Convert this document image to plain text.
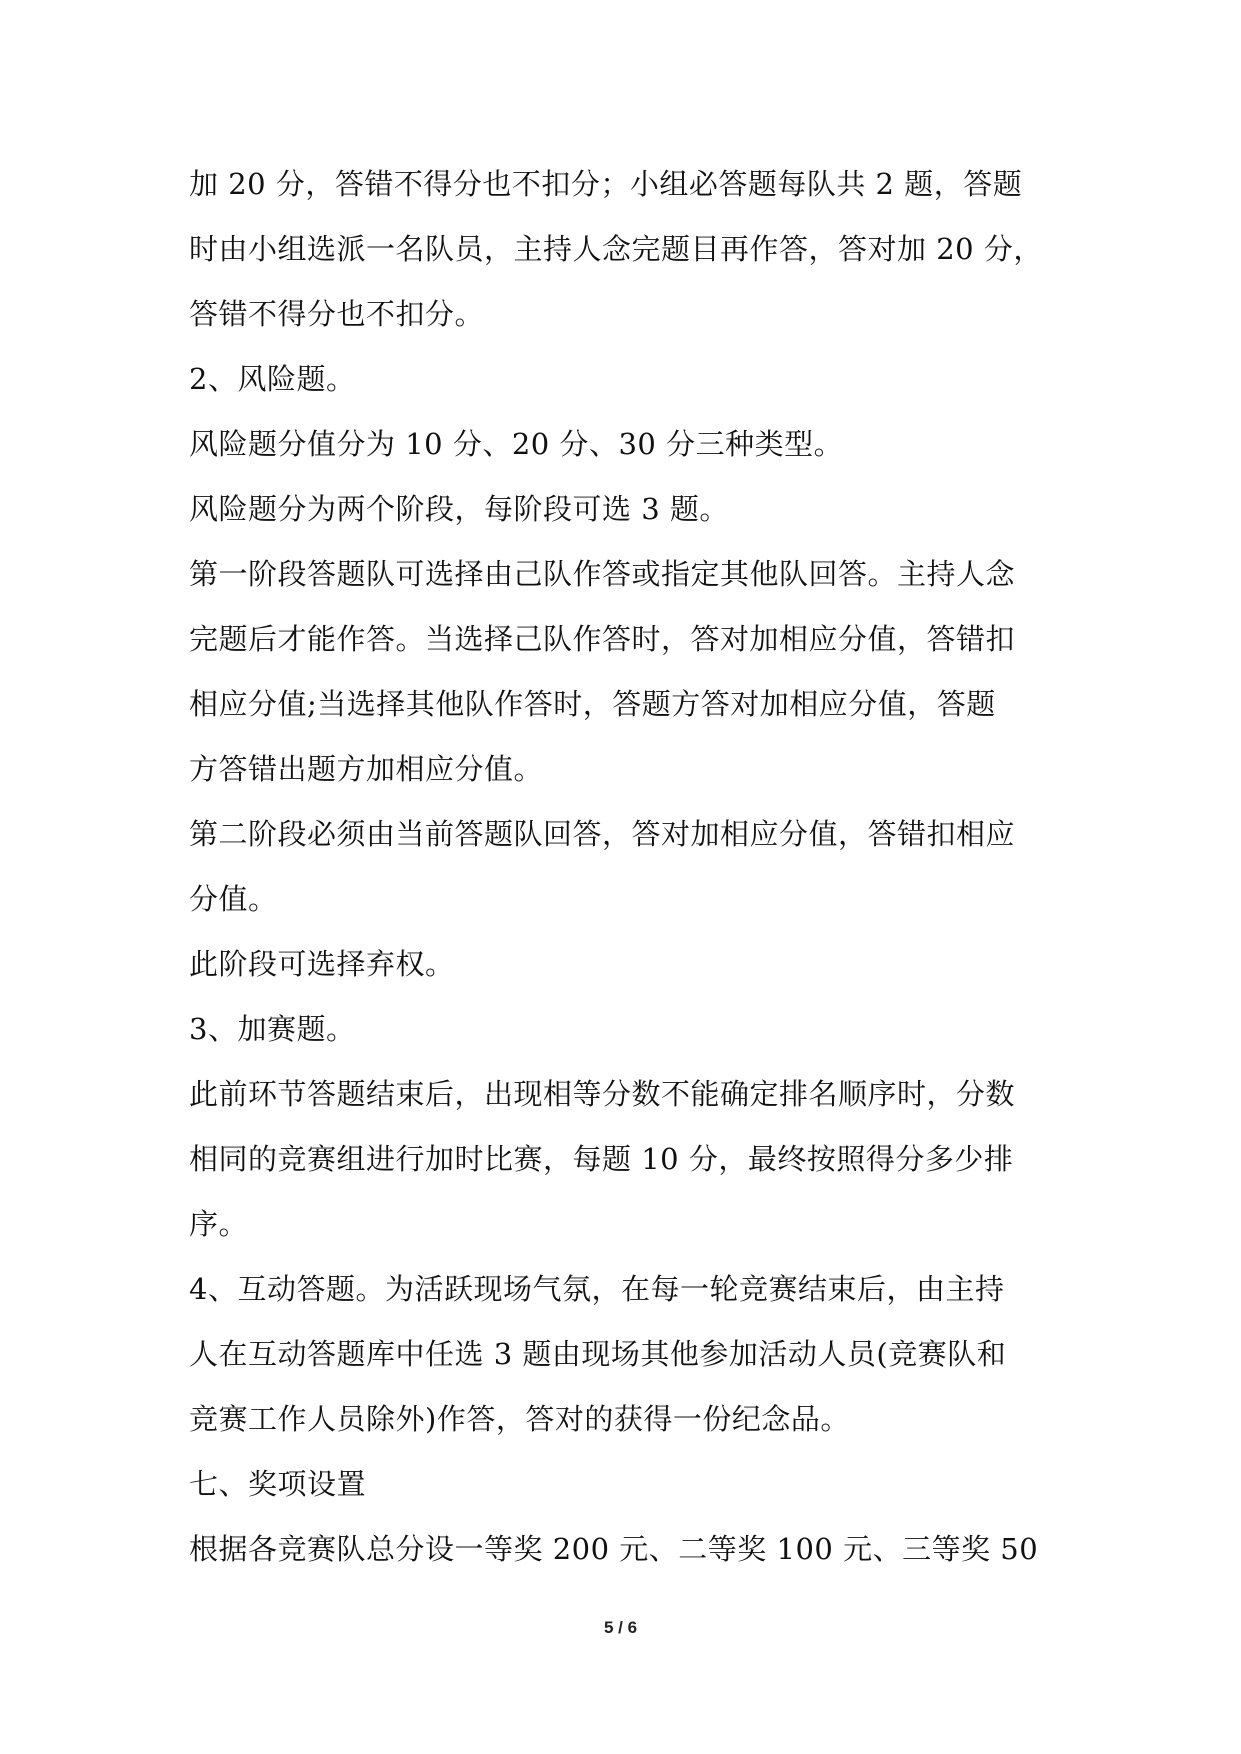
加 20 分，答错不得分也不扣分；小组必答题每队共 2 题，答题
时由小组选派一名队员，主持人念完题目再作答，答对加 20 分，
答错不得分也不扣分。
2、风险题。
风险题分值分为 10 分、20 分、30 分三种类型。
风险题分为两个阶段，每阶段可选 3 题。
第一阶段答题队可选择由己队作答或指定其他队回答。主持人念
完题后才能作答。当选择己队作答时，答对加相应分值，答错扣
相应分值;当选择其他队作答时，答题方答对加相应分值，答题
方答错出题方加相应分值。
第二阶段必须由当前答题队回答，答对加相应分值，答错扣相应
分值。
此阶段可选择弃权。
3、加赛题。
此前环节答题结束后，出现相等分数不能确定排名顺序时，分数
相同的竞赛组进行加时比赛，每题 10 分，最终按照得分多少排
序。
4、互动答题。为活跃现场气氛，在每一轮竞赛结束后，由主持
人在互动答题库中任选 3 题由现场其他参加活动人员(竞赛队和
竞赛工作人员除外)作答，答对的获得一份纪念品。
七、奖项设置
根据各竞赛队总分设一等奖 200 元、二等奖 100 元、三等奖 50
5 / 6
